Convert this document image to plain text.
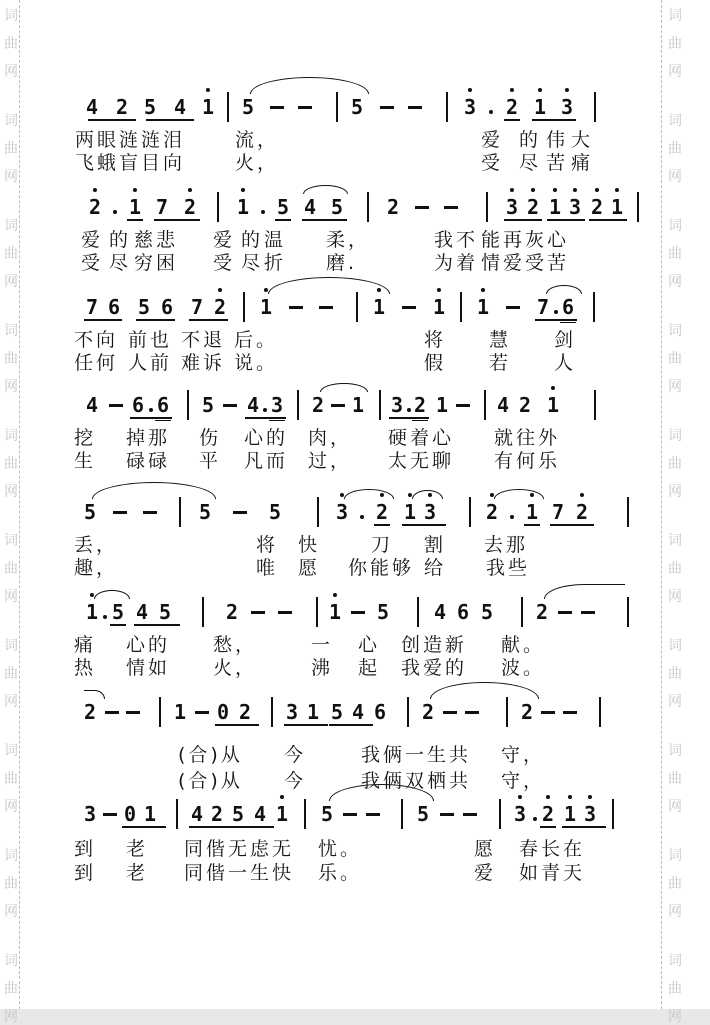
词
曲
网
词
曲
网
词
曲
网
词
曲
网
词
曲
网
词
曲
网
词
曲
网
词
曲
网
词
曲
网
词
曲
网
词
曲
网
词
曲
网
词
曲
网
词
曲
网
词
曲
网
词
曲
网
词
曲
网
词
曲
网
词
曲
网
词
曲
网
4 2 5 4 1 5	5	3 2 1 3
两眼涟涟泪	流，	爱 的 伟 大
飞蛾盲目向	火，	受 尽 苦 痛
2 1 7 2 1 5 4 5 2	3 2 1 3 2 1
爱 的 慈悲 爱 的 温 柔，	我不 能再灰心
受 尽 穷困 受 尽 折 磨.	为着 情爱受苦
7 6 5 6 7 2 1	1 1 1 7 6
不向 前也 不退 后。	将 慧 剑
任何 人前 难诉 说。	假 若 人
4 6 6 5 4 3 2 1 3 2 1 4 2 1
挖 掉那 伤 心的 肉， 硬着心 就往外
生 碌碌 平 凡而 过， 太无聊 有何乐
5	5	5	3 2 1 3 2 1 7 2
丢，	将 快	刀 割 去那
趣，	唯 愿 你能够 给 我些
1 5 4 5	2	1 5 4 6 5 2
痛 心的 愁，	一 心 创造新 献。
热 情如 火，	沸 起 我爱的 波。
2	1 0 2 3 1 5 4 6 2	2
(合)从 今	我俩一生共 守，
(合)从 今	我俩双栖共 守，
3 0 1 4 2 5 4 1 5	5	3 2 1 3
到 老 同偕无虑无 忧。	愿 春长在
到 老 同偕一生快 乐。	爱 如青天
